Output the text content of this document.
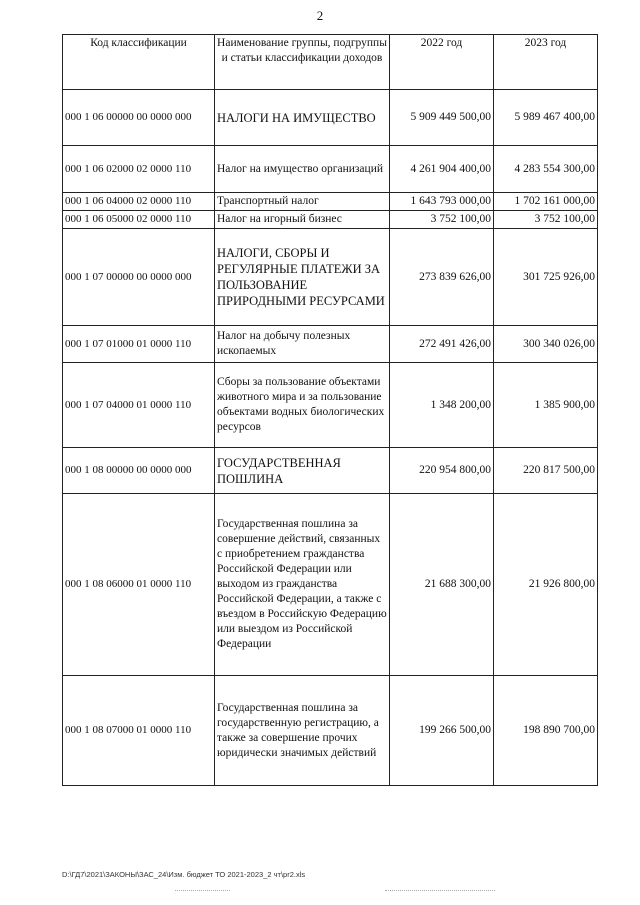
2
Код классификации	Наименование группы, подгруппы и статьи классификации доходов	2022 год	2023 год
000 1 06 00000 00 0000 000	НАЛОГИ НА ИМУЩЕСТВО	5 909 449 500,00	5 989 467 400,00
000 1 06 02000 02 0000 110	Налог на имущество организаций	4 261 904 400,00	4 283 554 300,00
000 1 06 04000 02 0000 110	Транспортный налог	1 643 793 000,00	1 702 161 000,00
000 1 06 05000 02 0000 110	Налог на игорный бизнес	3 752 100,00	3 752 100,00
000 1 07 00000 00 0000 000	НАЛОГИ, СБОРЫ И РЕГУЛЯРНЫЕ ПЛАТЕЖИ ЗА ПОЛЬЗОВАНИЕ ПРИРОДНЫМИ РЕСУРСАМИ	273 839 626,00	301 725 926,00
000 1 07 01000 01 0000 110	Налог на добычу полезных ископаемых	272 491 426,00	300 340 026,00
000 1 07 04000 01 0000 110	Сборы за пользование объектами животного мира и за пользование объектами водных биологических ресурсов	1 348 200,00	1 385 900,00
000 1 08 00000 00 0000 000	ГОСУДАРСТВЕННАЯ ПОШЛИНА	220 954 800,00	220 817 500,00
000 1 08 06000 01 0000 110	Государственная пошлина за совершение действий, связанных с приобретением гражданства Российской Федерации или выходом из гражданства Российской Федерации, а также с въездом в Российскую Федерацию или выездом из Российской Федерации	21 688 300,00	21 926 800,00
000 1 08 07000 01 0000 110	Государственная пошлина за государственную регистрацию, а также за совершение прочих юридически значимых действий	199 266 500,00	198 890 700,00
D:\ГД7\2021\ЗАКОНЫ\ЗАС_24\Изм. бюджет ТО 2021-2023_2 чт\pr2.xls
